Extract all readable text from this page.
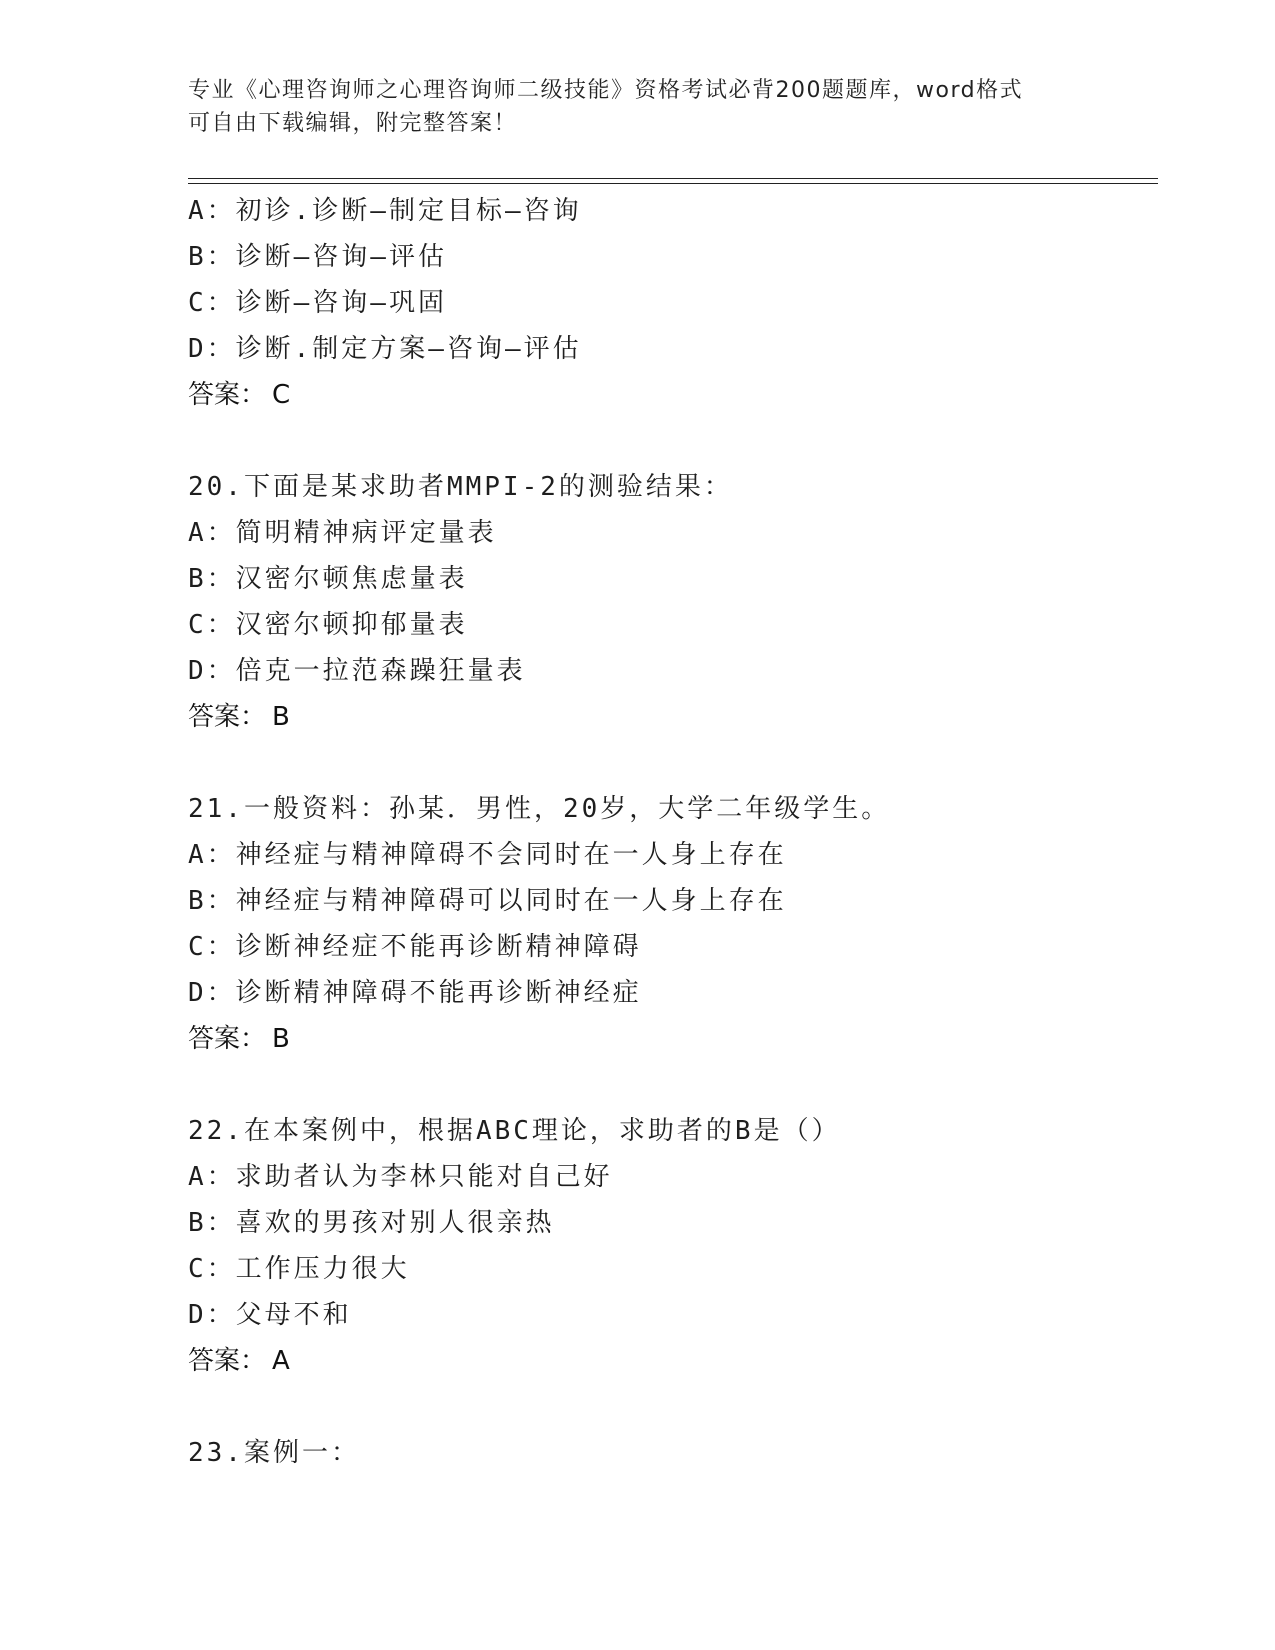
专业《心理咨询师之心理咨询师二级技能》资格考试必背200题题库，word格式
可自由下载编辑，附完整答案！
A：初诊.诊断—制定目标—咨询
B：诊断—咨询—评估
C：诊断—咨询—巩固
D：诊断.制定方案—咨询—评估
答案： C
20.下面是某求助者MMPI-2的测验结果：
A：简明精神病评定量表
B：汉密尔顿焦虑量表
C：汉密尔顿抑郁量表
D：倍克一拉范森躁狂量表
答案： B
21.一般资料：孙某．男性，20岁，大学二年级学生。
A：神经症与精神障碍不会同时在一人身上存在
B：神经症与精神障碍可以同时在一人身上存在
C：诊断神经症不能再诊断精神障碍
D：诊断精神障碍不能再诊断神经症
答案： B
22.在本案例中，根据ABC理论，求助者的B是（）
A：求助者认为李林只能对自己好
B：喜欢的男孩对别人很亲热
C：工作压力很大
D：父母不和
答案： A
23.案例一：
